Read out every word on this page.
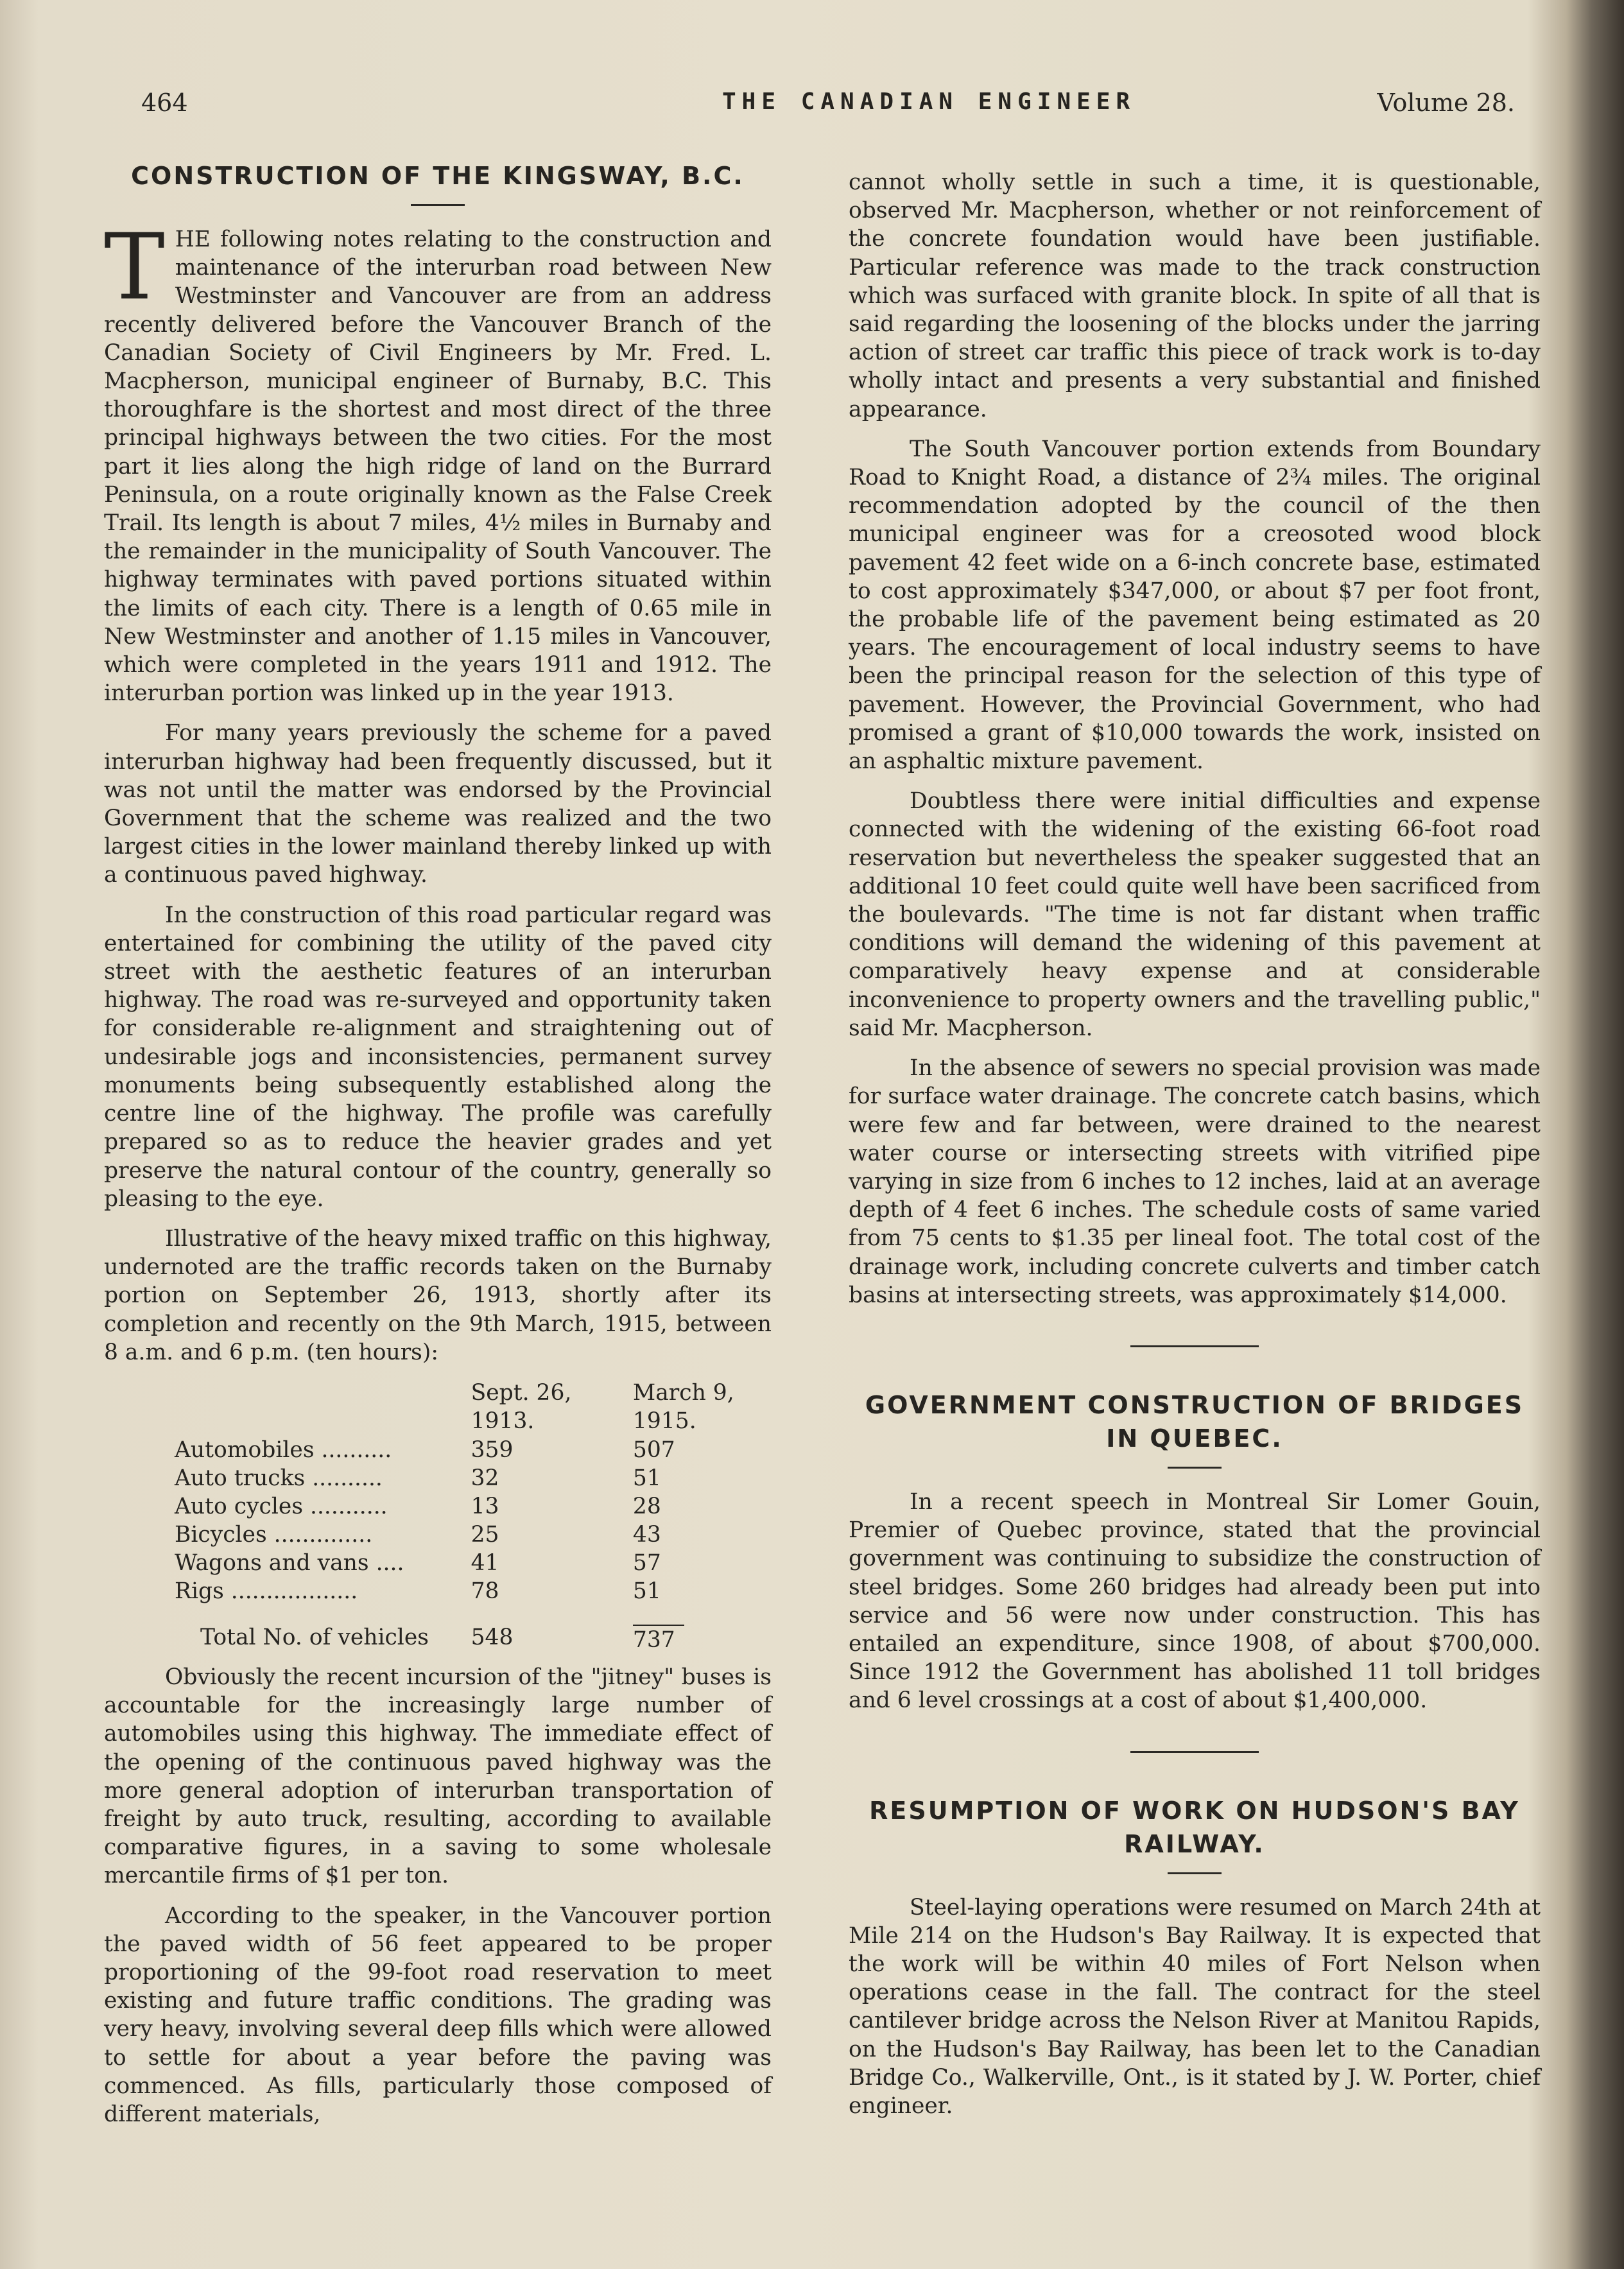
464	THE CANADIAN ENGINEER	Volume 28.
CONSTRUCTION OF THE KINGSWAY, B.C.

THE following notes relating to the construction and maintenance of the interurban road between New Westminster and Vancouver are from an address recently delivered before the Vancouver Branch of the Canadian Society of Civil Engineers by Mr. Fred. L. Macpherson, municipal engineer of Burnaby, B.C. This thoroughfare is the shortest and most direct of the three principal highways between the two cities. For the most part it lies along the high ridge of land on the Burrard Peninsula, on a route originally known as the False Creek Trail. Its length is about 7 miles, 4½ miles in Burnaby and the remainder in the municipality of South Vancouver. The highway terminates with paved portions situated within the limits of each city. There is a length of 0.65 mile in New Westminster and another of 1.15 miles in Vancouver, which were completed in the years 1911 and 1912. The interurban portion was linked up in the year 1913.

For many years previously the scheme for a paved interurban highway had been frequently discussed, but it was not until the matter was endorsed by the Provincial Government that the scheme was realized and the two largest cities in the lower mainland thereby linked up with a continuous paved highway.

In the construction of this road particular regard was entertained for combining the utility of the paved city street with the aesthetic features of an interurban highway. The road was re-surveyed and opportunity taken for considerable re-alignment and straightening out of undesirable jogs and inconsistencies, permanent survey monuments being subsequently established along the centre line of the highway. The profile was carefully prepared so as to reduce the heavier grades and yet preserve the natural contour of the country, generally so pleasing to the eye.

Illustrative of the heavy mixed traffic on this highway, undernoted are the traffic records taken on the Burnaby portion on September 26, 1913, shortly after its completion and recently on the 9th March, 1915, between 8 a.m. and 6 p.m. (ten hours):

	Sept. 26, 1913.	March 9, 1915.
Automobiles ..........	359	507
Auto trucks ..........	32	51
Auto cycles ...........	13	28
Bicycles ..............	25	43
Wagons and vans ....	41	57
Rigs ..................	78	51
Total No. of vehicles	548	737

Obviously the recent incursion of the "jitney" buses is accountable for the increasingly large number of automobiles using this highway. The immediate effect of the opening of the continuous paved highway was the more general adoption of interurban transportation of freight by auto truck, resulting, according to available comparative figures, in a saving to some wholesale mercantile firms of $1 per ton.

According to the speaker, in the Vancouver portion the paved width of 56 feet appeared to be proper proportioning of the 99-foot road reservation to meet existing and future traffic conditions. The grading was very heavy, involving several deep fills which were allowed to settle for about a year before the paving was commenced. As fills, particularly those composed of different materials,

cannot wholly settle in such a time, it is questionable, observed Mr. Macpherson, whether or not reinforcement of the concrete foundation would have been justifiable. Particular reference was made to the track construction which was surfaced with granite block. In spite of all that is said regarding the loosening of the blocks under the jarring action of street car traffic this piece of track work is to-day wholly intact and presents a very substantial and finished appearance.

The South Vancouver portion extends from Boundary Road to Knight Road, a distance of 2¾ miles. The original recommendation adopted by the council of the then municipal engineer was for a creosoted wood block pavement 42 feet wide on a 6-inch concrete base, estimated to cost approximately $347,000, or about $7 per foot front, the probable life of the pavement being estimated as 20 years. The encouragement of local industry seems to have been the principal reason for the selection of this type of pavement. However, the Provincial Government, who had promised a grant of $10,000 towards the work, insisted on an asphaltic mixture pavement.

Doubtless there were initial difficulties and expense connected with the widening of the existing 66-foot road reservation but nevertheless the speaker suggested that an additional 10 feet could quite well have been sacrificed from the boulevards. "The time is not far distant when traffic conditions will demand the widening of this pavement at comparatively heavy expense and at considerable inconvenience to property owners and the travelling public," said Mr. Macpherson.

In the absence of sewers no special provision was made for surface water drainage. The concrete catch basins, which were few and far between, were drained to the nearest water course or intersecting streets with vitrified pipe varying in size from 6 inches to 12 inches, laid at an average depth of 4 feet 6 inches. The schedule costs of same varied from 75 cents to $1.35 per lineal foot. The total cost of the drainage work, including concrete culverts and timber catch basins at intersecting streets, was approximately $14,000.

GOVERNMENT CONSTRUCTION OF BRIDGES IN QUEBEC.

In a recent speech in Montreal Sir Lomer Gouin, Premier of Quebec province, stated that the provincial government was continuing to subsidize the construction of steel bridges. Some 260 bridges had already been put into service and 56 were now under construction. This has entailed an expenditure, since 1908, of about $700,000. Since 1912 the Government has abolished 11 toll bridges and 6 level crossings at a cost of about $1,400,000.

RESUMPTION OF WORK ON HUDSON'S BAY RAILWAY.

Steel-laying operations were resumed on March 24th at Mile 214 on the Hudson's Bay Railway. It is expected that the work will be within 40 miles of Fort Nelson when operations cease in the fall. The contract for the steel cantilever bridge across the Nelson River at Manitou Rapids, on the Hudson's Bay Railway, has been let to the Canadian Bridge Co., Walkerville, Ont., is it stated by J. W. Porter, chief engineer.
